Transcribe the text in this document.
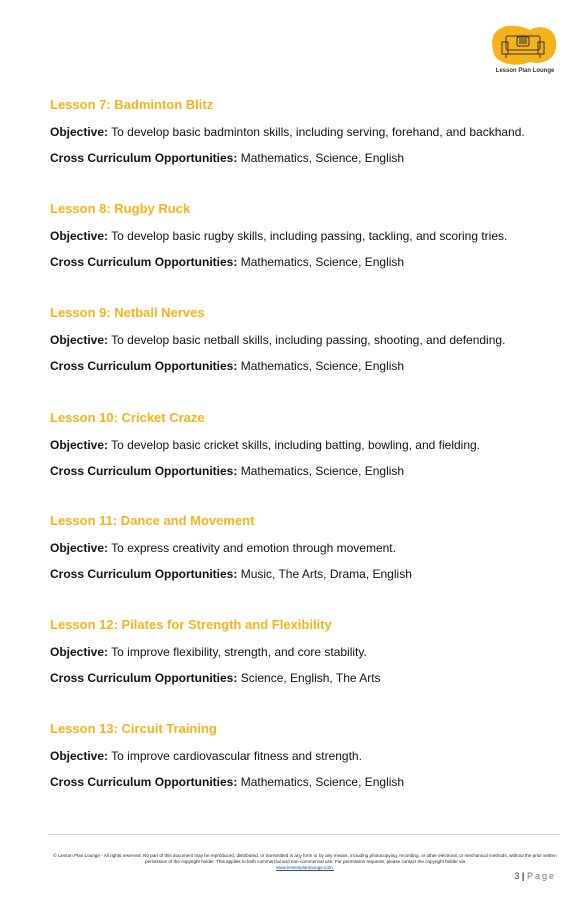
Lesson Plan Lounge

Lesson 7: Badminton Blitz

Objective: To develop basic badminton skills, including serving, forehand, and backhand.

Cross Curriculum Opportunities: Mathematics, Science, English

Lesson 8: Rugby Ruck

Objective: To develop basic rugby skills, including passing, tackling, and scoring tries.

Cross Curriculum Opportunities: Mathematics, Science, English

Lesson 9: Netball Nerves

Objective: To develop basic netball skills, including passing, shooting, and defending.

Cross Curriculum Opportunities: Mathematics, Science, English

Lesson 10: Cricket Craze

Objective: To develop basic cricket skills, including batting, bowling, and fielding.

Cross Curriculum Opportunities: Mathematics, Science, English

Lesson 11: Dance and Movement

Objective: To express creativity and emotion through movement.

Cross Curriculum Opportunities: Music, The Arts, Drama, English

Lesson 12: Pilates for Strength and Flexibility

Objective: To improve flexibility, strength, and core stability.

Cross Curriculum Opportunities: Science, English, The Arts

Lesson 13: Circuit Training

Objective: To improve cardiovascular fitness and strength.

Cross Curriculum Opportunities: Mathematics, Science, English

© Lesson Plan Lounge - All rights reserved. No part of this document may be reproduced, distributed, or transmitted in any form or by any means, including photocopying, recording, or other electronic or mechanical methods, without the prior written permission of the copyright holder. This applies to both commercial and non-commercial use. For permission requests, please contact the copyright holder via
www.lessonplanlounge.com.
3 | Page
